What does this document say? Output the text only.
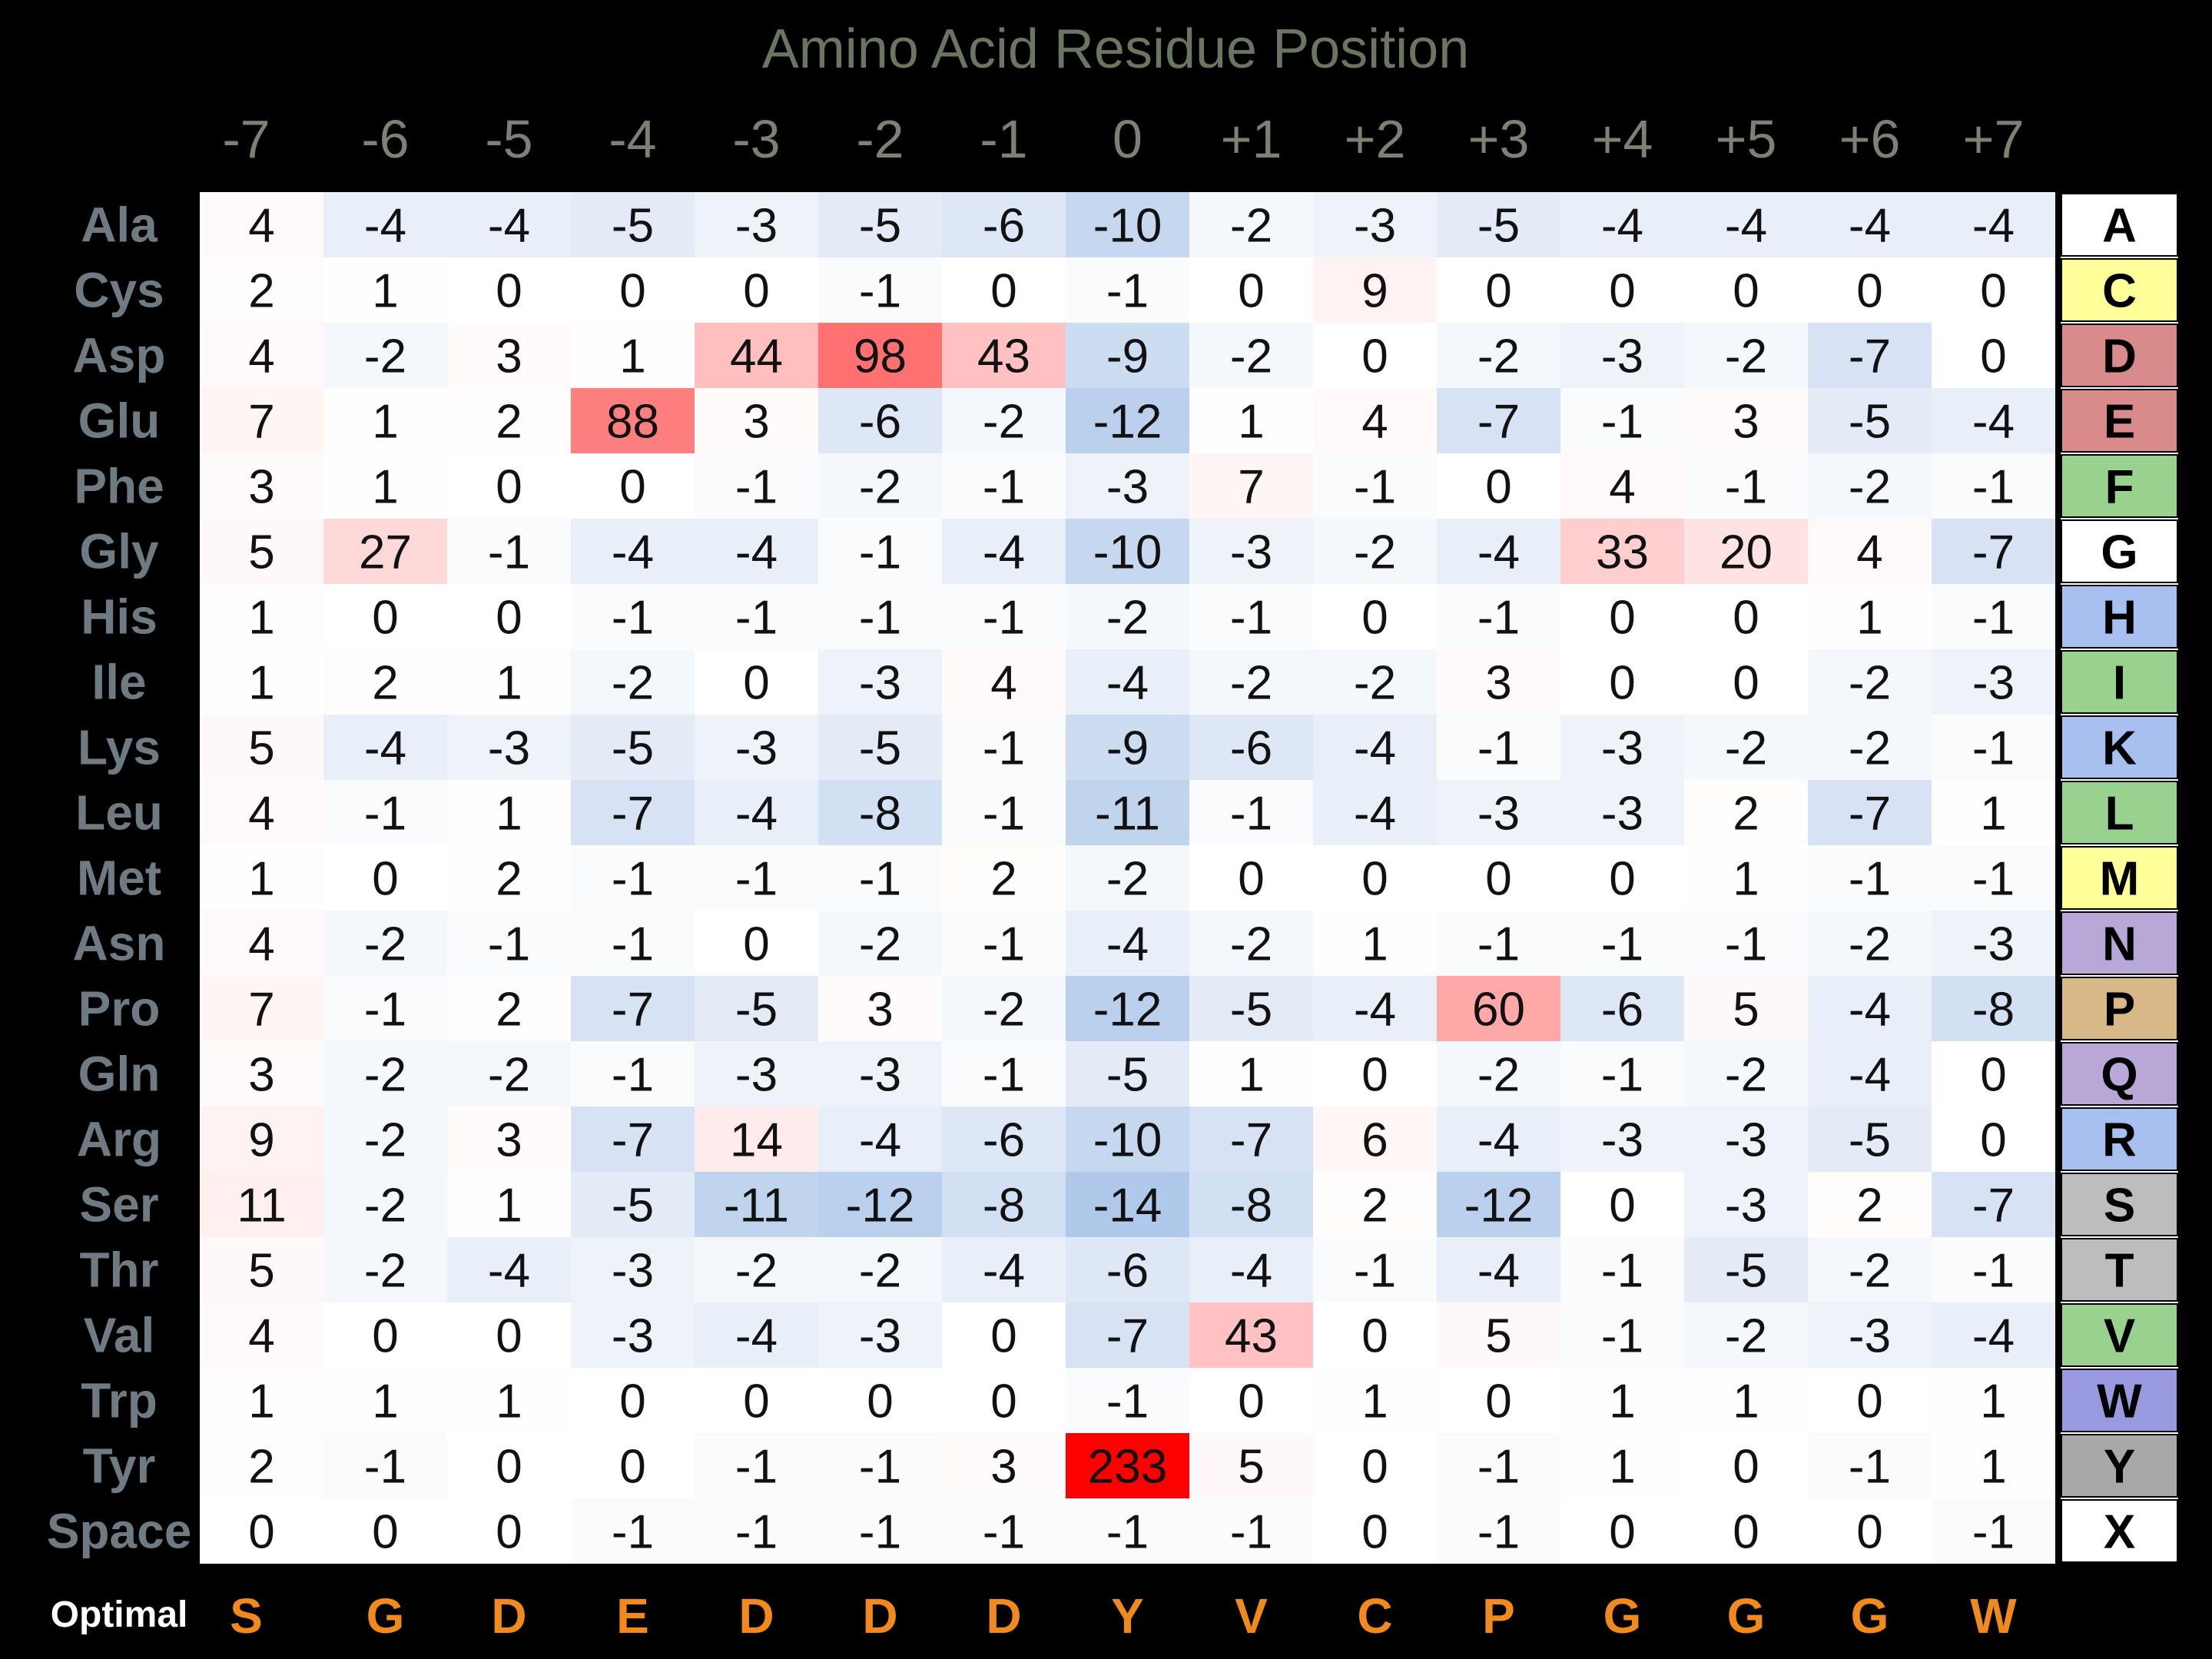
Amino Acid Residue Position
-7 -6 -5 -4 -3 -2 -1 0 +1 +2 +3 +4 +5 +6 +7
4 -4 -4 -5 -3 -5 -6 -10 -2 -3 -5 -4 -4 -4 -4
2 1 0 0 0 -1 0 -1 0 9 0 0 0 0 0
4 -2 3 1 44 98 43 -9 -2 0 -2 -3 -2 -7 0
7 1 2 88 3 -6 -2 -12 1 4 -7 -1 3 -5 -4
3 1 0 0 -1 -2 -1 -3 7 -1 0 4 -1 -2 -1
5 27 -1 -4 -4 -1 -4 -10 -3 -2 -4 33 20 4 -7
1 0 0 -1 -1 -1 -1 -2 -1 0 -1 0 0 1 -1
1 2 1 -2 0 -3 4 -4 -2 -2 3 0 0 -2 -3
5 -4 -3 -5 -3 -5 -1 -9 -6 -4 -1 -3 -2 -2 -1
4 -1 1 -7 -4 -8 -1 -11 -1 -4 -3 -3 2 -7 1
1 0 2 -1 -1 -1 2 -2 0 0 0 0 1 -1 -1
4 -2 -1 -1 0 -2 -1 -4 -2 1 -1 -1 -1 -2 -3
7 -1 2 -7 -5 3 -2 -12 -5 -4 60 -6 5 -4 -8
3 -2 -2 -1 -3 -3 -1 -5 1 0 -2 -1 -2 -4 0
9 -2 3 -7 14 -4 -6 -10 -7 6 -4 -3 -3 -5 0
11 -2 1 -5 -11 -12 -8 -14 -8 2 -12 0 -3 2 -7
5 -2 -4 -3 -2 -2 -4 -6 -4 -1 -4 -1 -5 -2 -1
4 0 0 -3 -4 -3 0 -7 43 0 5 -1 -2 -3 -4
1 1 1 0 0 0 0 -1 0 1 0 1 1 0 1
2 -1 0 0 -1 -1 3 233 5 0 -1 1 0 -1 1
0 0 0 -1 -1 -1 -1 -1 -1 0 -1 0 0 0 -1
Ala
Cys
Asp
Glu
Phe
Gly
His
Ile
Lys
Leu
Met
Asn
Pro
Gln
Arg
Ser
Thr
Val
Trp
Tyr
Space
A
C
D
E
F
G
H
I
K
L
M
N
P
Q
R
S
T
V
W
Y
X
Optimal S G D E D D D Y V C P G G G W
